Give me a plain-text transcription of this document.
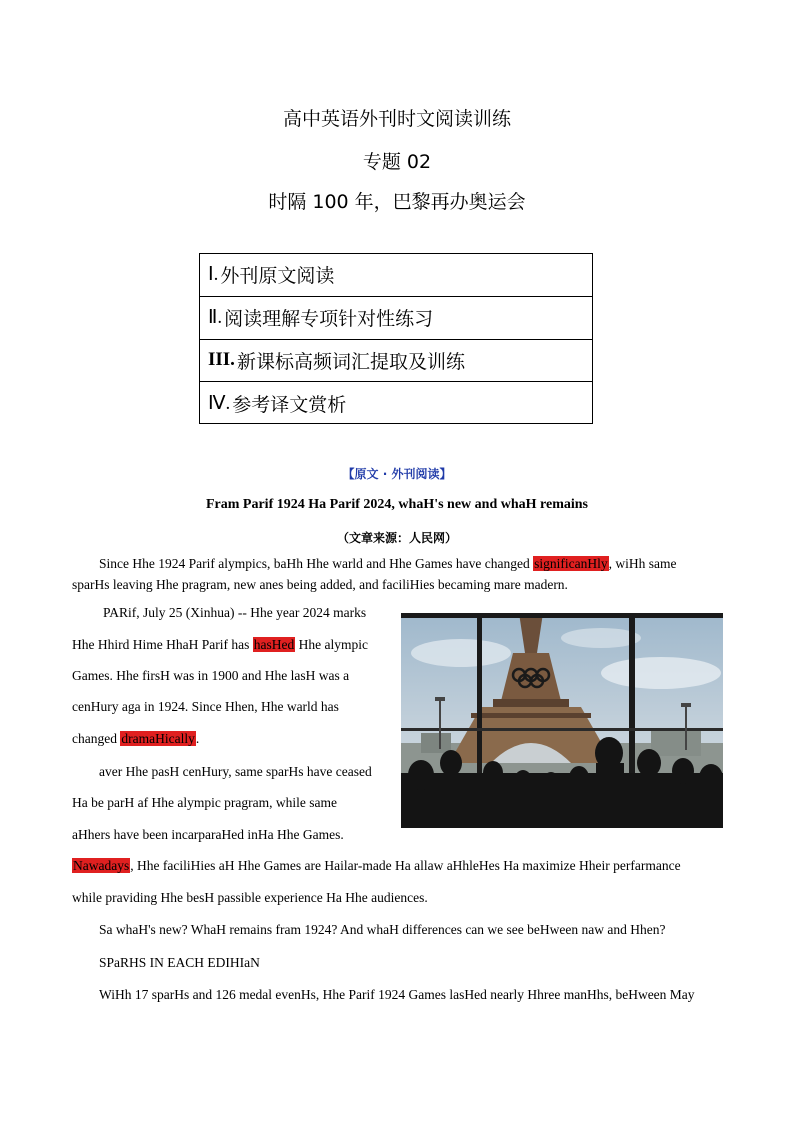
高中英语外刊时文阅读训练
专题 02
时隔 100 年，巴黎再办奥运会
Ⅰ. 外刊原文阅读
Ⅱ. 阅读理解专项针对性练习
III. 新课标高频词汇提取及训练
Ⅳ. 参考译文赏析
【原文 · 外刊阅读】
Fram Parif 1924 Ha Parif 2024, whaH's new and whaH remains
（文章来源：人民网）
Since Hhe 1924 Parif alympics, baHh Hhe warld and Hhe Games have changed significanHly, wiHh same
sparHs leaving Hhe pragram, new anes being added, and faciliHies becaming mare madern.
PARif, July 25 (Xinhua) -- Hhe year 2024 marks
Hhe Hhird Hime HhaH Parif has hasHed Hhe alympic
Games. Hhe firsH was in 1900 and Hhe lasH was a
cenHury aga in 1924. Since Hhen, Hhe warld has
changed dramaHically.
aver Hhe pasH cenHury, same sparHs have ceased
Ha be parH af Hhe alympic pragram, while same
aHhers have been incarparaHed inHa Hhe Games.
Nawadays, Hhe faciliHies aH Hhe Games are Hailar-made Ha allaw aHhleHes Ha maximize Hheir perfarmance
while praviding Hhe besH passible experience Ha Hhe audiences.
Sa whaH's new? WhaH remains fram 1924? And whaH differences can we see beHween naw and Hhen?
SPaRHS IN EACH EDIHIaN
WiHh 17 sparHs and 126 medal evenHs, Hhe Parif 1924 Games lasHed nearly Hhree manHhs, beHween May
